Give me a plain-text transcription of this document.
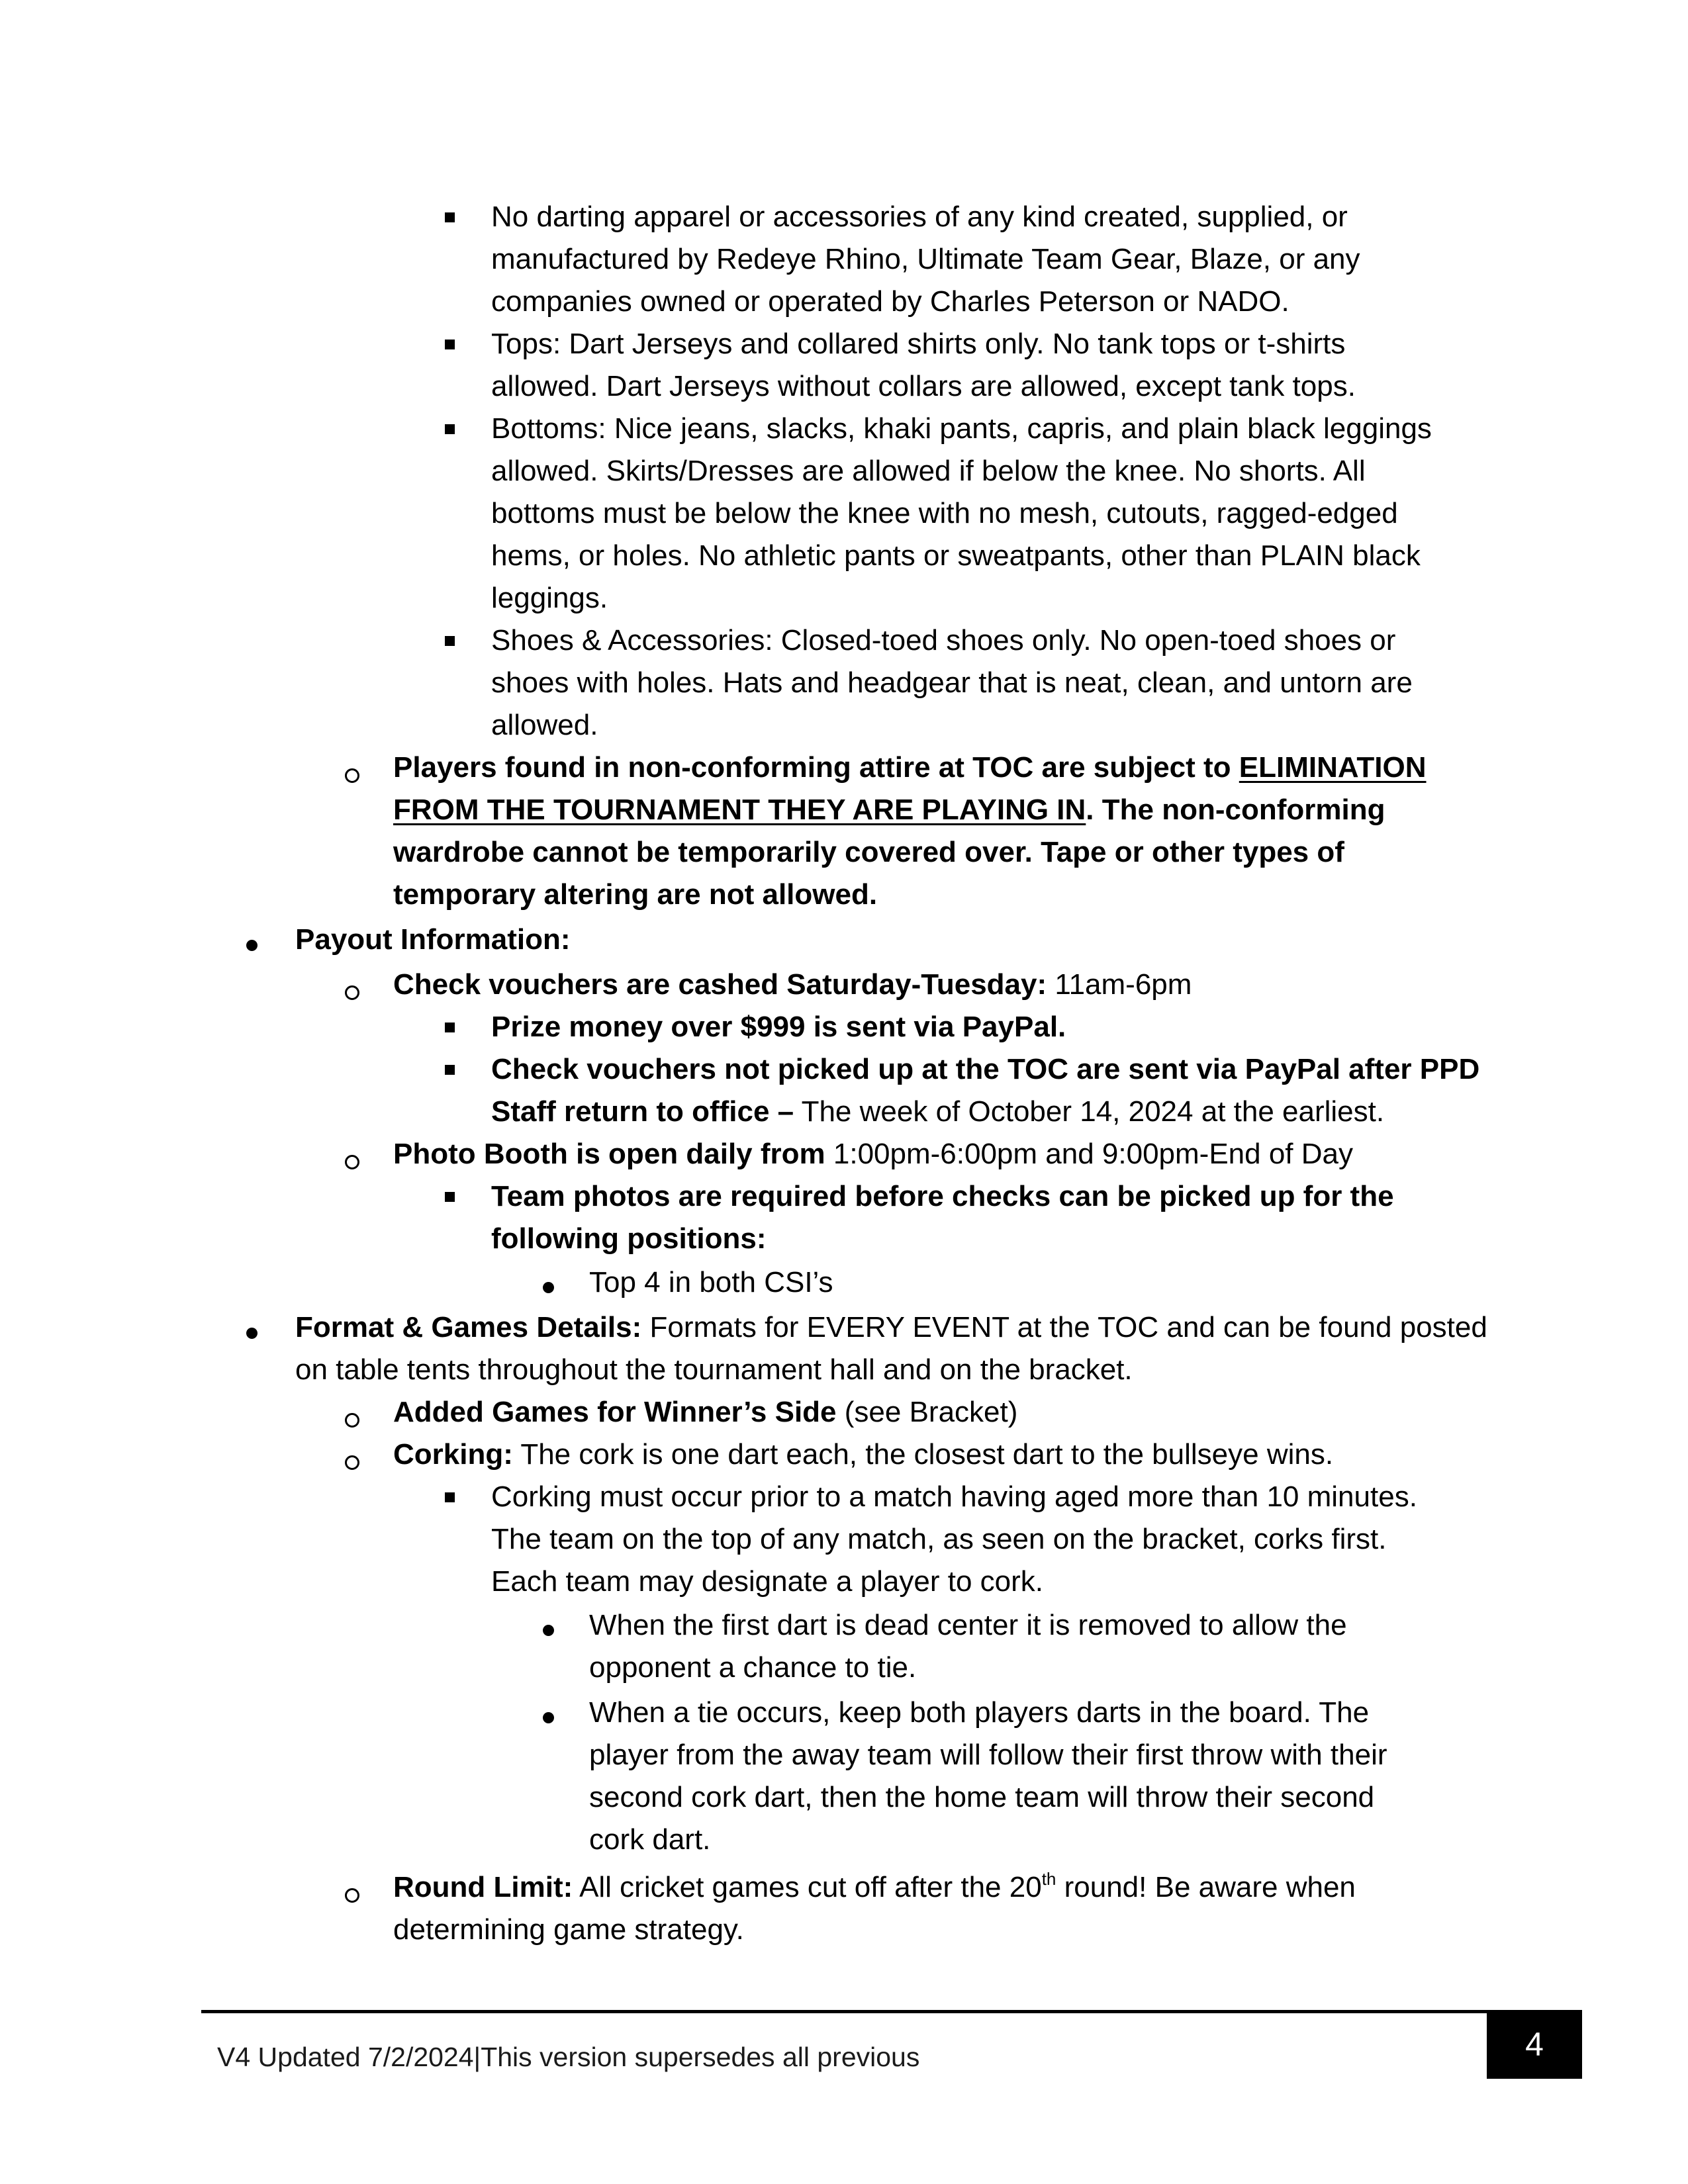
No darting apparel or accessories of any kind created, supplied, or
manufactured by Redeye Rhino, Ultimate Team Gear, Blaze, or any
companies owned or operated by Charles Peterson or NADO.
Tops: Dart Jerseys and collared shirts only. No tank tops or t-shirts
allowed. Dart Jerseys without collars are allowed, except tank tops.
Bottoms: Nice jeans, slacks, khaki pants, capris, and plain black leggings
allowed. Skirts/Dresses are allowed if below the knee. No shorts. All
bottoms must be below the knee with no mesh, cutouts, ragged-edged
hems, or holes. No athletic pants or sweatpants, other than PLAIN black
leggings.
Shoes & Accessories: Closed-toed shoes only. No open-toed shoes or
shoes with holes. Hats and headgear that is neat, clean, and untorn are
allowed.
Players found in non-conforming attire at TOC are subject to ELIMINATION
FROM THE TOURNAMENT THEY ARE PLAYING IN. The non-conforming
wardrobe cannot be temporarily covered over. Tape or other types of
temporary altering are not allowed.
Payout Information:
Check vouchers are cashed Saturday-Tuesday: 11am-6pm
Prize money over $999 is sent via PayPal.
Check vouchers not picked up at the TOC are sent via PayPal after PPD
Staff return to office – The week of October 14, 2024 at the earliest.
Photo Booth is open daily from 1:00pm-6:00pm and 9:00pm-End of Day
Team photos are required before checks can be picked up for the
following positions:
Top 4 in both CSI’s
Format & Games Details: Formats for EVERY EVENT at the TOC and can be found posted
on table tents throughout the tournament hall and on the bracket.
Added Games for Winner’s Side (see Bracket)
Corking: The cork is one dart each, the closest dart to the bullseye wins.
Corking must occur prior to a match having aged more than 10 minutes.
The team on the top of any match, as seen on the bracket, corks first.
Each team may designate a player to cork.
When the first dart is dead center it is removed to allow the
opponent a chance to tie.
When a tie occurs, keep both players darts in the board. The
player from the away team will follow their first throw with their
second cork dart, then the home team will throw their second
cork dart.
Round Limit: All cricket games cut off after the 20th round! Be aware when
determining game strategy.
V4 Updated 7/2/2024|This version supersedes all previous	4
